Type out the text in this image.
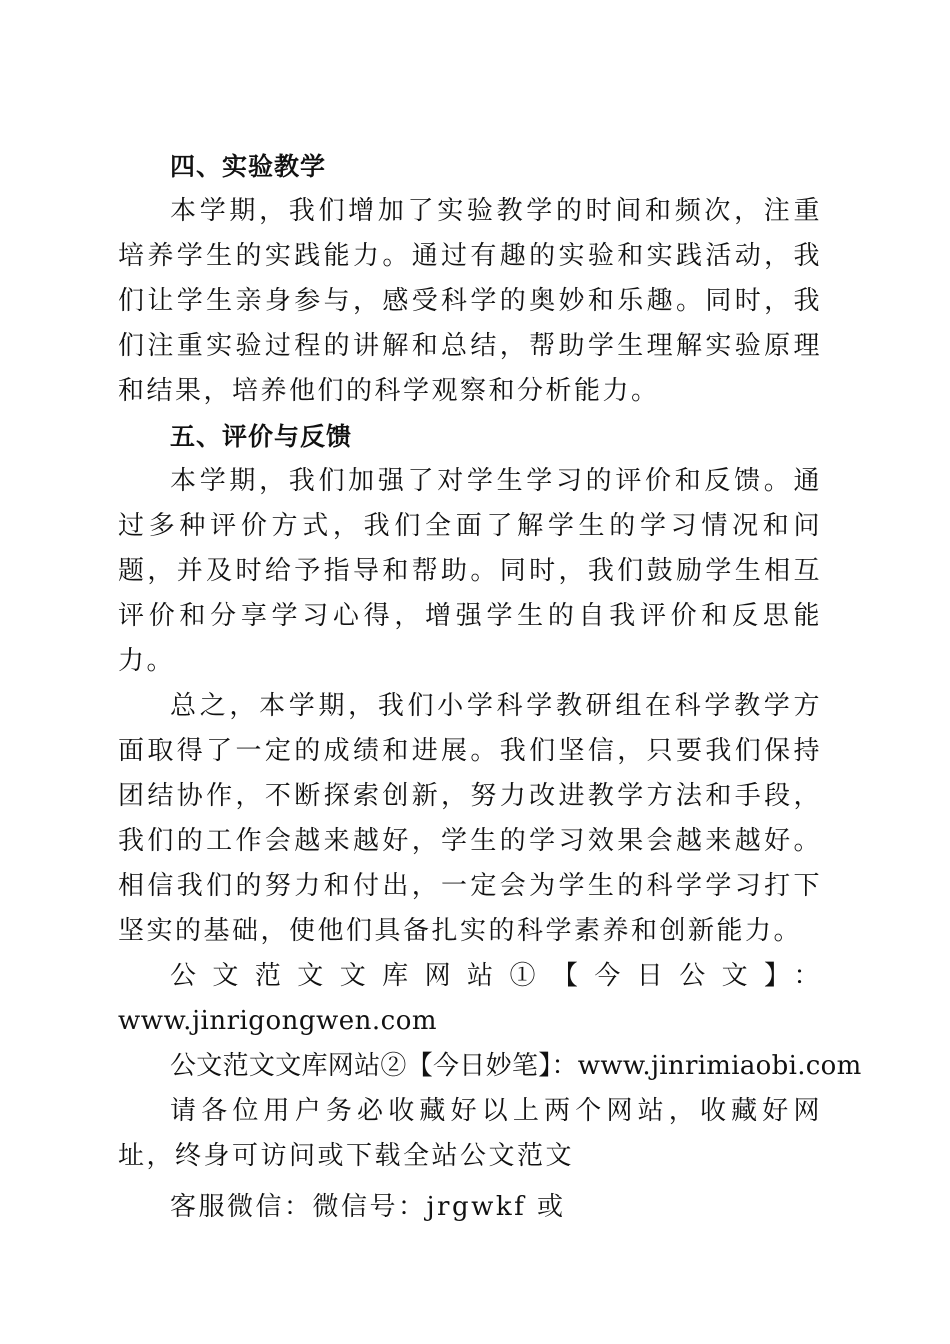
四、实验教学

本学期，我们增加了实验教学的时间和频次，注重培养学生的实践能力。通过有趣的实验和实践活动，我们让学生亲身参与，感受科学的奥妙和乐趣。同时，我们注重实验过程的讲解和总结，帮助学生理解实验原理和结果，培养他们的科学观察和分析能力。

五、评价与反馈

本学期，我们加强了对学生学习的评价和反馈。通过多种评价方式，我们全面了解学生的学习情况和问题，并及时给予指导和帮助。同时，我们鼓励学生相互评价和分享学习心得，增强学生的自我评价和反思能力。

总之，本学期，我们小学科学教研组在科学教学方面取得了一定的成绩和进展。我们坚信，只要我们保持团结协作，不断探索创新，努力改进教学方法和手段，我们的工作会越来越好，学生的学习效果会越来越好。相信我们的努力和付出，一定会为学生的科学学习打下坚实的基础，使他们具备扎实的科学素养和创新能力。

公文范文文库网站①【今日公文】：

www.jinrigongwen.com

公文范文文库网站②【今日妙笔】：www.jinrimiaobi.com

请各位用户务必收藏好以上两个网站，收藏好网址，终身可访问或下载全站公文范文

客服微信：微信号：jrgwkf 或
